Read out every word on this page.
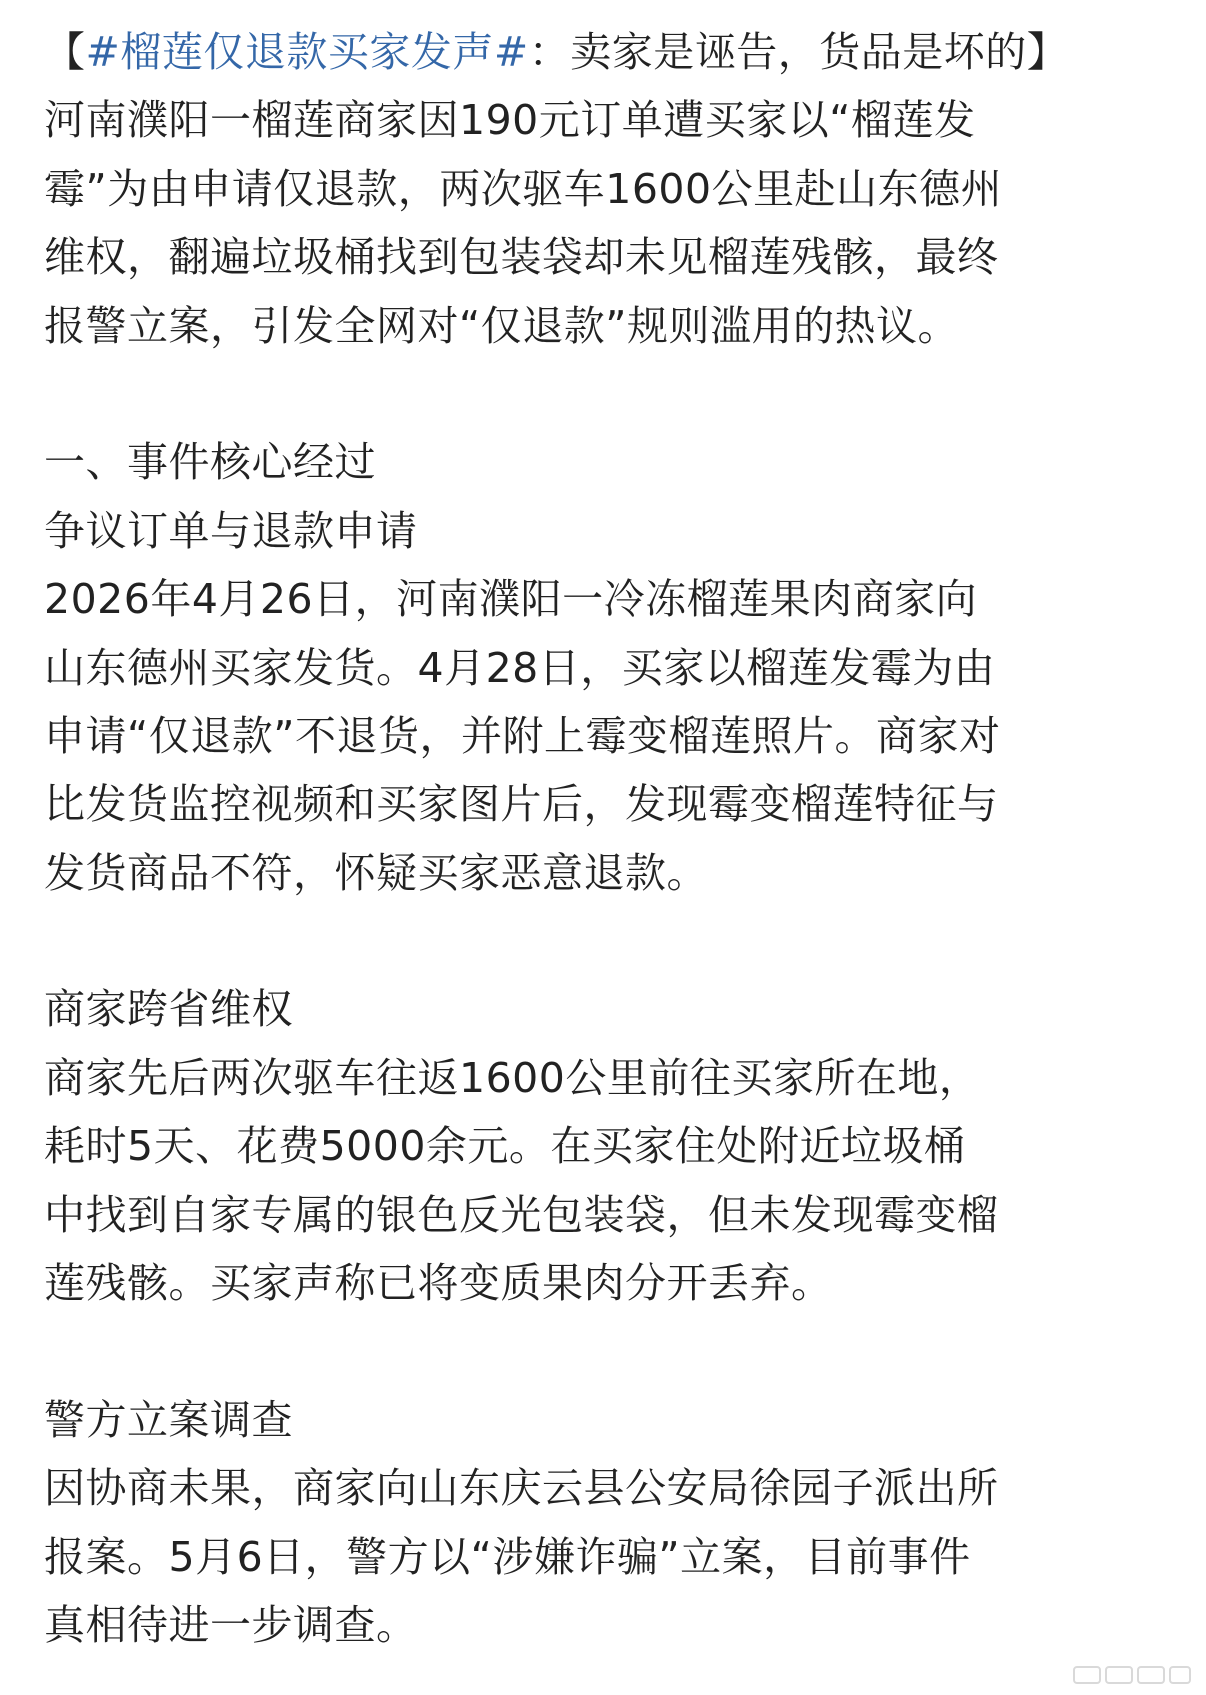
【#榴莲仅退款买家发声#：卖家是诬告，货品是坏的】
河南濮阳一榴莲商家因190元订单遭买家以“榴莲发
霉”为由申请仅退款，两次驱车1600公里赴山东德州
维权，翻遍垃圾桶找到包装袋却未见榴莲残骸，最终
报警立案，引发全网对“仅退款”规则滥用的热议。
一、事件核心经过
争议订单与退款申请
2026年4月26日，河南濮阳一冷冻榴莲果肉商家向
山东德州买家发货。4月28日，买家以榴莲发霉为由
申请“仅退款”不退货，并附上霉变榴莲照片。商家对
比发货监控视频和买家图片后，发现霉变榴莲特征与
发货商品不符，怀疑买家恶意退款。
商家跨省维权
商家先后两次驱车往返1600公里前往买家所在地，
耗时5天、花费5000余元。在买家住处附近垃圾桶
中找到自家专属的银色反光包装袋，但未发现霉变榴
莲残骸。买家声称已将变质果肉分开丢弃。
警方立案调查
因协商未果，商家向山东庆云县公安局徐园子派出所
报案。5月6日，警方以“涉嫌诈骗”立案，目前事件
真相待进一步调查。
